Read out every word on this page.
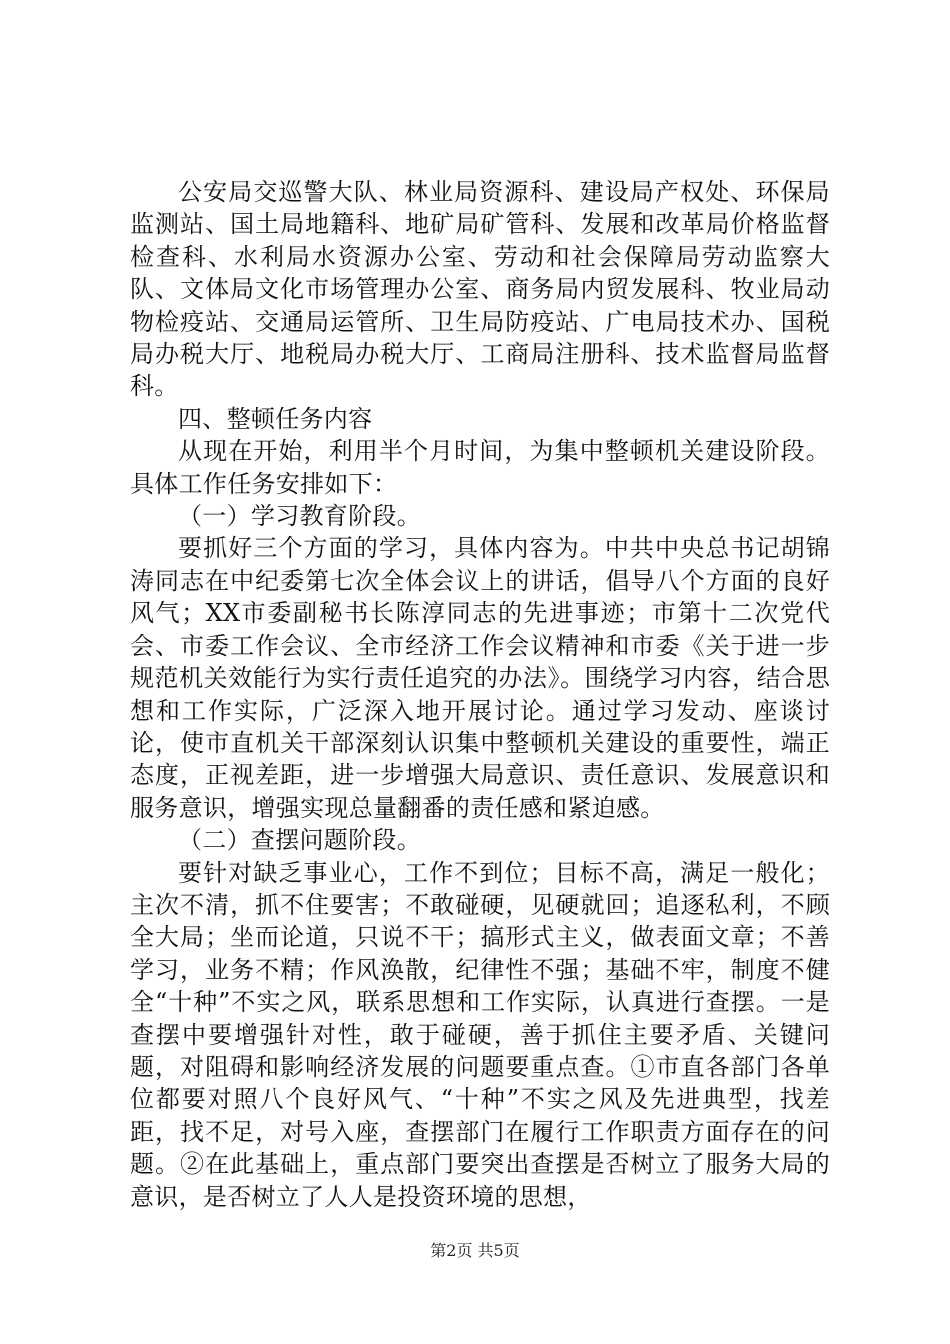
公安局交巡警大队、林业局资源科、建设局产权处、环保局监测站、国土局地籍科、地矿局矿管科、发展和改革局价格监督检查科、水利局水资源办公室、劳动和社会保障局劳动监察大队、文体局文化市场管理办公室、商务局内贸发展科、牧业局动物检疫站、交通局运管所、卫生局防疫站、广电局技术办、国税局办税大厅、地税局办税大厅、工商局注册科、技术监督局监督科。

四、整顿任务内容

从现在开始，利用半个月时间，为集中整顿机关建设阶段。具体工作任务安排如下：

（一）学习教育阶段。

要抓好三个方面的学习，具体内容为。中共中央总书记胡锦涛同志在中纪委第七次全体会议上的讲话，倡导八个方面的良好风气；XX市委副秘书长陈淳同志的先进事迹；市第十二次党代会、市委工作会议、全市经济工作会议精神和市委《关于进一步规范机关效能行为实行责任追究的办法》。围绕学习内容，结合思想和工作实际，广泛深入地开展讨论。通过学习发动、座谈讨论，使市直机关干部深刻认识集中整顿机关建设的重要性，端正态度，正视差距，进一步增强大局意识、责任意识、发展意识和服务意识，增强实现总量翻番的责任感和紧迫感。

（二）查摆问题阶段。

要针对缺乏事业心，工作不到位；目标不高，满足一般化；主次不清，抓不住要害；不敢碰硬，见硬就回；追逐私利，不顾全大局；坐而论道，只说不干；搞形式主义，做表面文章；不善学习，业务不精；作风涣散，纪律性不强；基础不牢，制度不健全“十种”不实之风，联系思想和工作实际，认真进行查摆。一是查摆中要增强针对性，敢于碰硬，善于抓住主要矛盾、关键问题，对阻碍和影响经济发展的问题要重点查。①市直各部门各单位都要对照八个良好风气、“十种”不实之风及先进典型，找差距，找不足，对号入座，查摆部门在履行工作职责方面存在的问题。②在此基础上，重点部门要突出查摆是否树立了服务大局的意识，是否树立了人人是投资环境的思想，

第2页 共5页
